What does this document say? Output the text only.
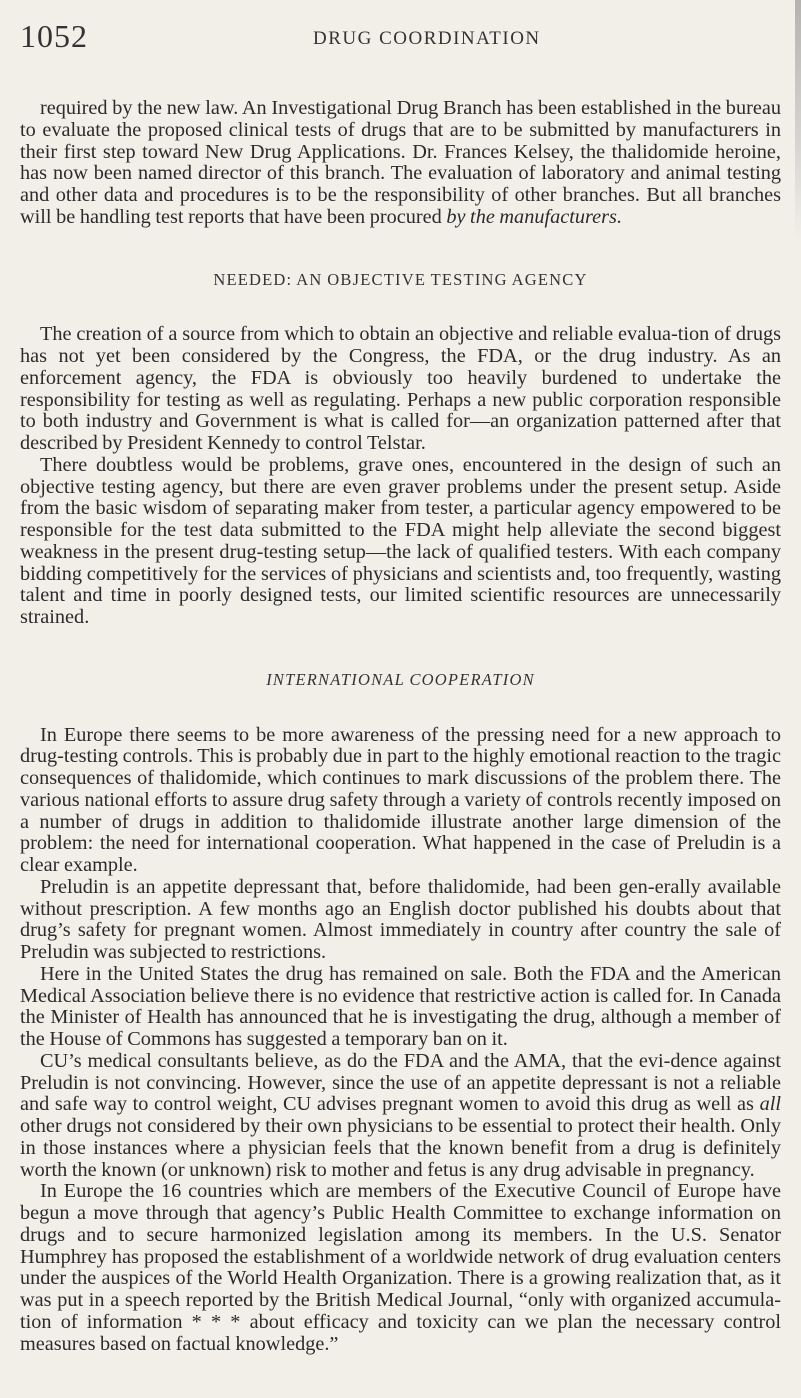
1052	DRUG COORDINATION

required by the new law. An Investigational Drug Branch has been established in the bureau to evaluate the proposed clinical tests of drugs that are to be submitted by manufacturers in their first step toward New Drug Applications. Dr. Frances Kelsey, the thalidomide heroine, has now been named director of this branch. The evaluation of laboratory and animal testing and other data and procedures is to be the responsibility of other branches. But all branches will be handling test reports that have been procured by the manufacturers.

NEEDED: AN OBJECTIVE TESTING AGENCY

The creation of a source from which to obtain an objective and reliable evalua-tion of drugs has not yet been considered by the Congress, the FDA, or the drug industry. As an enforcement agency, the FDA is obviously too heavily burdened to undertake the responsibility for testing as well as regulating. Perhaps a new public corporation responsible to both industry and Government is what is called for—an organization patterned after that described by President Kennedy to control Telstar.

There doubtless would be problems, grave ones, encountered in the design of such an objective testing agency, but there are even graver problems under the present setup. Aside from the basic wisdom of separating maker from tester, a particular agency empowered to be responsible for the test data submitted to the FDA might help alleviate the second biggest weakness in the present drug-testing setup—the lack of qualified testers. With each company bidding competitively for the services of physicians and scientists and, too frequently, wasting talent and time in poorly designed tests, our limited scientific resources are unnecessarily strained.

INTERNATIONAL COOPERATION

In Europe there seems to be more awareness of the pressing need for a new approach to drug-testing controls. This is probably due in part to the highly emotional reaction to the tragic consequences of thalidomide, which continues to mark discussions of the problem there. The various national efforts to assure drug safety through a variety of controls recently imposed on a number of drugs in addition to thalidomide illustrate another large dimension of the problem: the need for international cooperation. What happened in the case of Preludin is a clear example.

Preludin is an appetite depressant that, before thalidomide, had been gen-erally available without prescription. A few months ago an English doctor published his doubts about that drug’s safety for pregnant women. Almost immediately in country after country the sale of Preludin was subjected to restrictions.

Here in the United States the drug has remained on sale. Both the FDA and the American Medical Association believe there is no evidence that restrictive action is called for. In Canada the Minister of Health has announced that he is investigating the drug, although a member of the House of Commons has suggested a temporary ban on it.

CU’s medical consultants believe, as do the FDA and the AMA, that the evi-dence against Preludin is not convincing. However, since the use of an appetite depressant is not a reliable and safe way to control weight, CU advises pregnant women to avoid this drug as well as all other drugs not considered by their own physicians to be essential to protect their health. Only in those instances where a physician feels that the known benefit from a drug is definitely worth the known (or unknown) risk to mother and fetus is any drug advisable in pregnancy.

In Europe the 16 countries which are members of the Executive Council of Europe have begun a move through that agency’s Public Health Committee to exchange information on drugs and to secure harmonized legislation among its members. In the U.S. Senator Humphrey has proposed the establishment of a worldwide network of drug evaluation centers under the auspices of the World Health Organization. There is a growing realization that, as it was put in a speech reported by the British Medical Journal, “only with organized accumula-tion of information * * * about efficacy and toxicity can we plan the necessary control measures based on factual knowledge.”
